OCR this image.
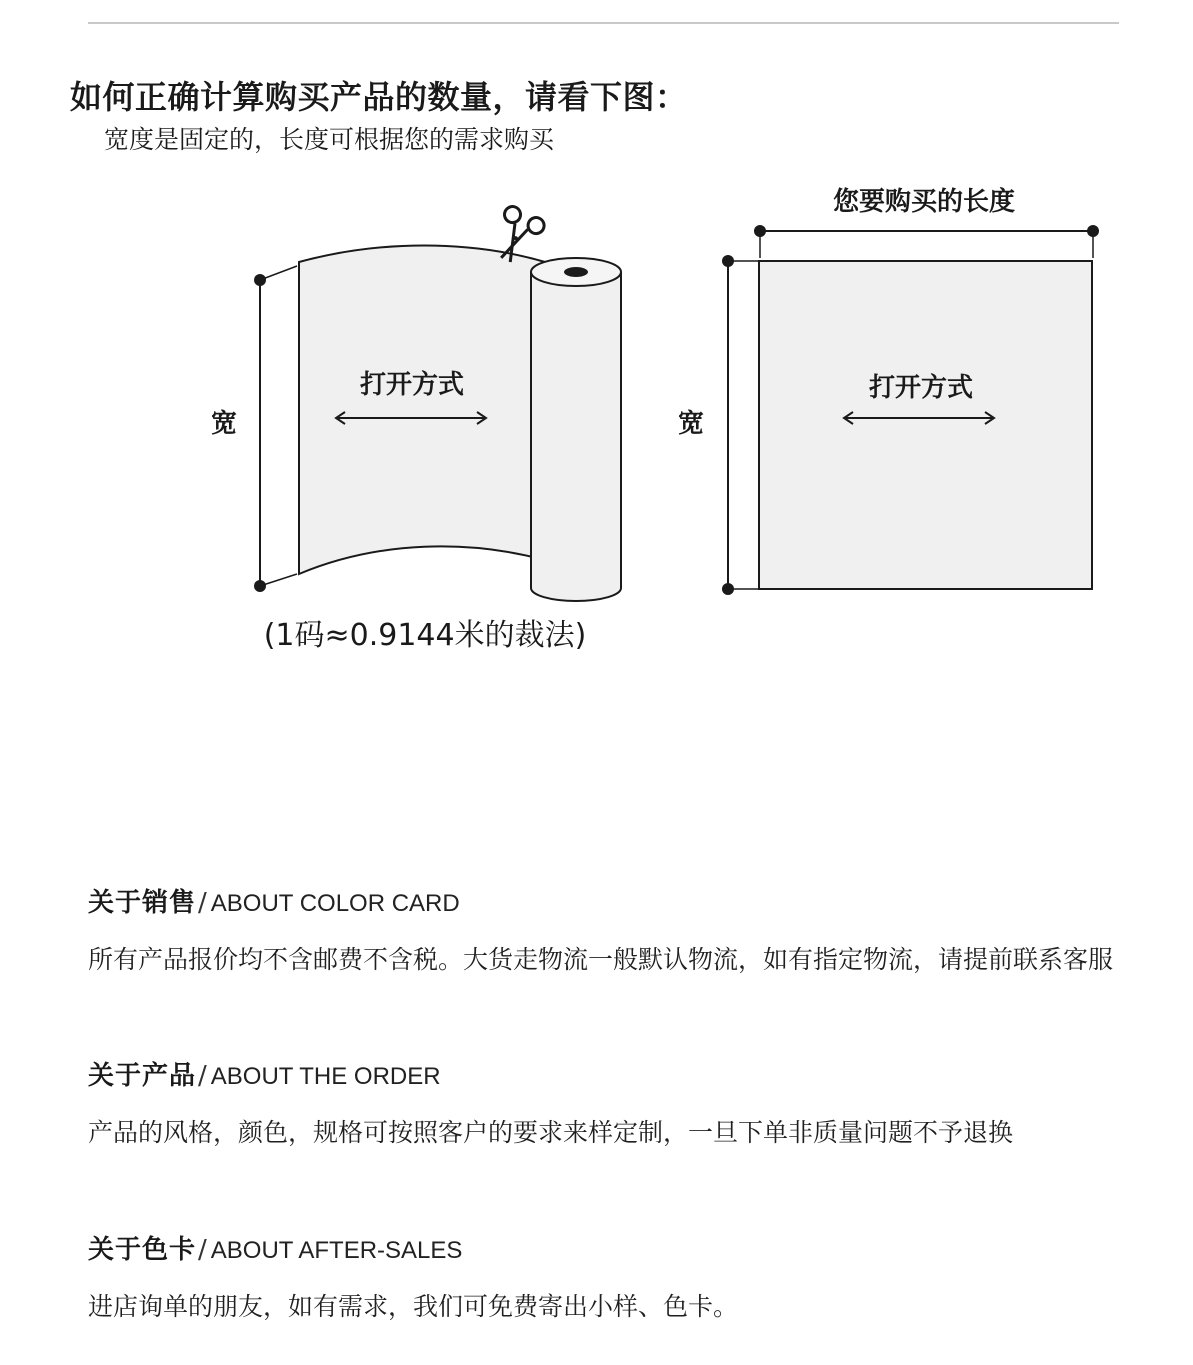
如何正确计算购买产品的数量，请看下图：
宽度是固定的，长度可根据您的需求购买
宽
打开方式
(1码≈0.9144米的裁法)
您要购买的长度
宽
打开方式
关于销售/ ABOUT COLOR CARD
所有产品报价均不含邮费不含税。大货走物流一般默认物流，如有指定物流，请提前联系客服
关于产品/ ABOUT THE ORDER
产品的风格，颜色，规格可按照客户的要求来样定制，一旦下单非质量问题不予退换
关于色卡/ ABOUT AFTER-SALES
进店询单的朋友，如有需求，我们可免费寄出小样、色卡。
